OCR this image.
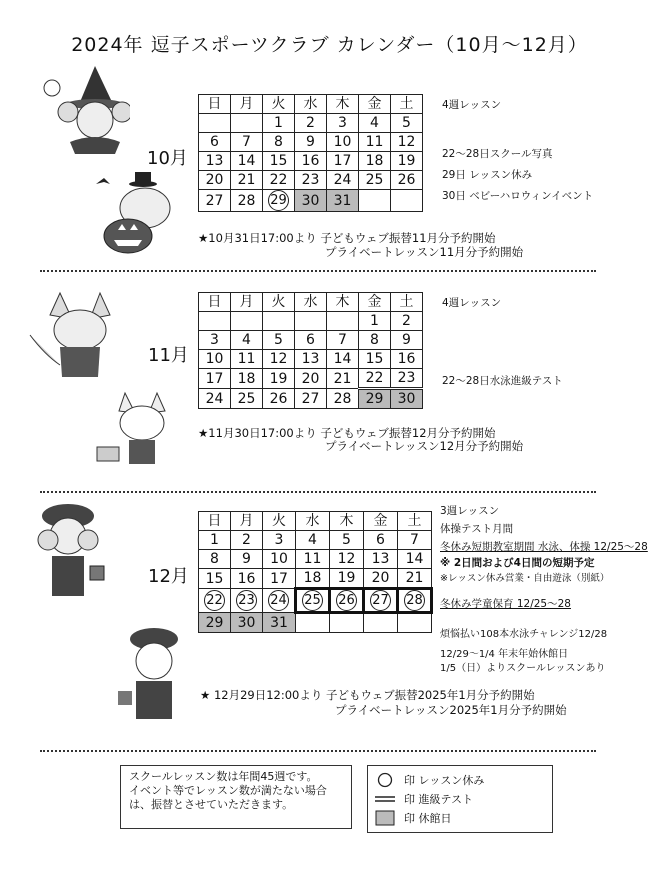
2024年 逗子スポーツクラブ カレンダー（10月〜12月）
日	月	火	水	木	金	土
		1	2	3	4	5
6	7	8	9	10	11	12
13	14	15	16	17	18	19
20	21	22	23	24	25	26
27	28	29	30	31		
10月
4週レッスン
22〜28日スクール写真
29日 レッスン休み
30日 ベビーハロウィンイベント
★10月31日17:00より 子どもウェブ振替11月分予約開始
プライベートレッスン11月分予約開始
日	月	火	水	木	金	土
					1	2
3	4	5	6	7	8	9
10	11	12	13	14	15	16
17	18	19	20	21	22	23
24	25	26	27	28	29	30
11月
4週レッスン
22〜28日水泳進級テスト
★11月30日17:00より 子どもウェブ振替12月分予約開始
プライベートレッスン12月分予約開始
日	月	火	水	木	金	土
1	2	3	4	5	6	7
8	9	10	11	12	13	14
15	16	17	18	19	20	21
22	23	24	25	26	27	28
29	30	31				
12月
3週レッスン
体操テスト月間
冬休み短期教室期間 水泳、体操 12/25〜28
※ 2日間および4日間の短期予定
※レッスン休み営業・自由遊泳（別紙）
冬休み学童保育 12/25〜28
煩悩払い108本水泳チャレンジ12/28
12/29〜1/4 年末年始休館日
1/5（日）よりスクールレッスンあり
★ 12月29日12:00より 子どもウェブ振替2025年1月分予約開始
プライベートレッスン2025年1月分予約開始
スクールレッスン数は年間45週です。
イベント等でレッスン数が満たない場合
は、振替とさせていただきます。
印 レッスン休み
印 進級テスト
印 休館日
